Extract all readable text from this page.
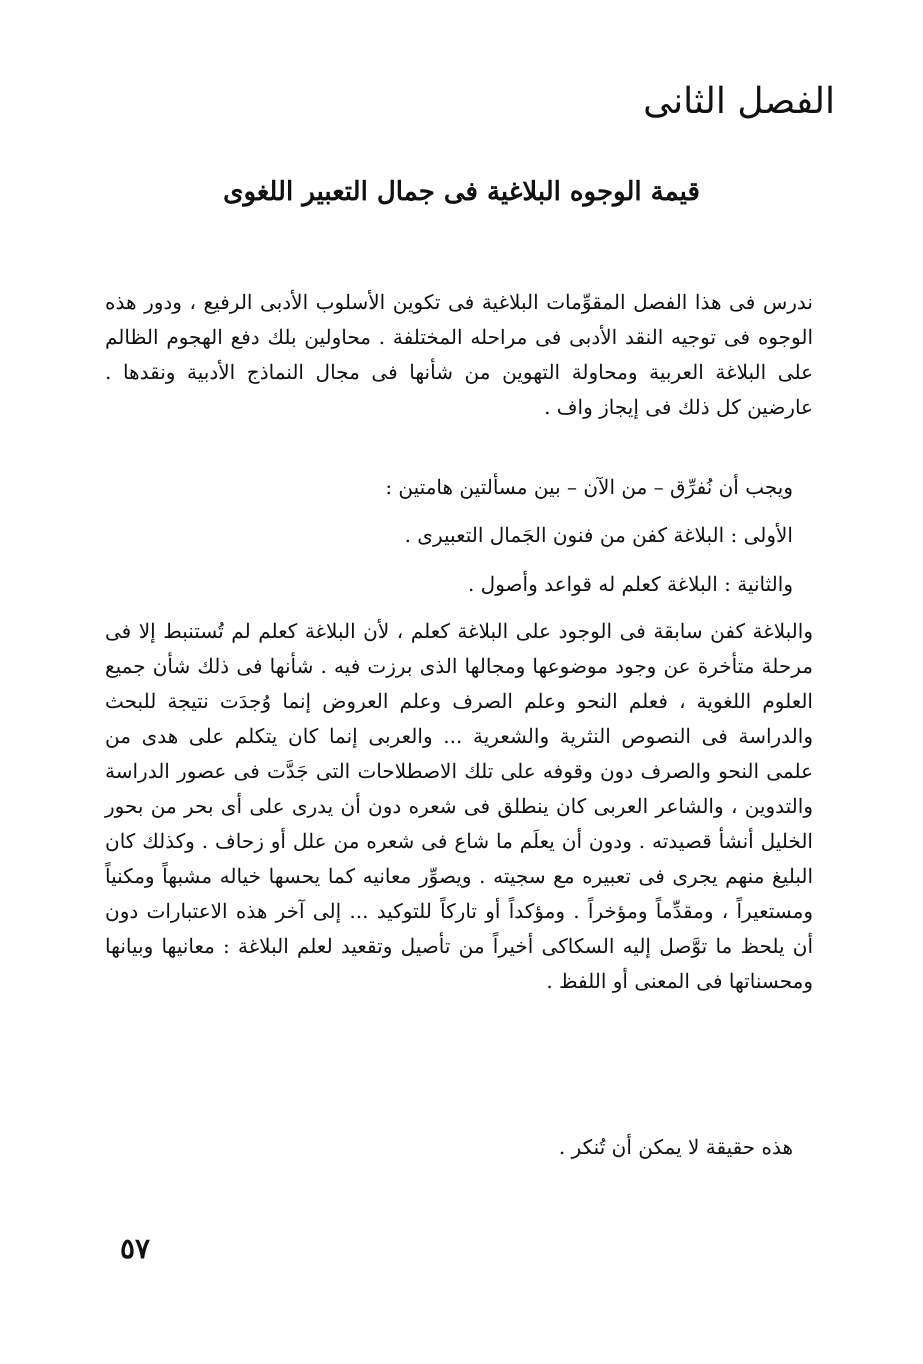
الفصل الثانى
قيمة الوجوه البلاغية فى جمال التعبير اللغوى

ندرس فى هذا الفصل المقوِّمات البلاغية فى تكوين الأسلوب الأدبى الرفيع ، ودور هذه الوجوه فى توجيه النقد الأدبى فى مراحله المختلفة . محاولين بلك دفع الهجوم الظالم على البلاغة العربية ومحاولة التهوين من شأنها فى مجال النماذج الأدبية ونقدها . عارضين كل ذلك فى إيجاز واف .

ويجب أن نُفرِّق – من الآن – بين مسألتين هامتين :

الأولى : البلاغة كفن من فنون الجَمال التعبيرى .

والثانية : البلاغة كعلم له قواعد وأصول .

والبلاغة كفن سابقة فى الوجود على البلاغة كعلم ، لأن البلاغة كعلم لم تُستنبط إلا فى مرحلة متأخرة عن وجود موضوعها ومجالها الذى برزت فيه . شأنها فى ذلك شأن جميع العلوم اللغوية ، فعلم النحو وعلم الصرف وعلم العروض إنما وُجدَت نتيجة للبحث والدراسة فى النصوص النثرية والشعرية ... والعربى إنما كان يتكلم على هدى من علمى النحو والصرف دون وقوفه على تلك الاصطلاحات التى جَدَّت فى عصور الدراسة والتدوين ، والشاعر العربى كان ينطلق فى شعره دون أن يدرى على أى بحر من بحور الخليل أنشأ قصيدته . ودون أن يعلَم ما شاع فى شعره من علل أو زحاف . وكذلك كان البليغ منهم يجرى فى تعبيره مع سجيته . ويصوِّر معانيه كما يحسها خياله مشبهاً ومكنياً ومستعيراً ، ومقدِّماً ومؤخراً . ومؤكداً أو تاركاً للتوكيد ... إلى آخر هذه الاعتبارات دون أن يلحظ ما توَّصل إليه السكاكى أخيراً من تأصيل وتقعيد لعلم البلاغة : معانيها وبيانها ومحسناتها فى المعنى أو اللفظ .

هذه حقيقة لا يمكن أن تُنكر .

٥٧
